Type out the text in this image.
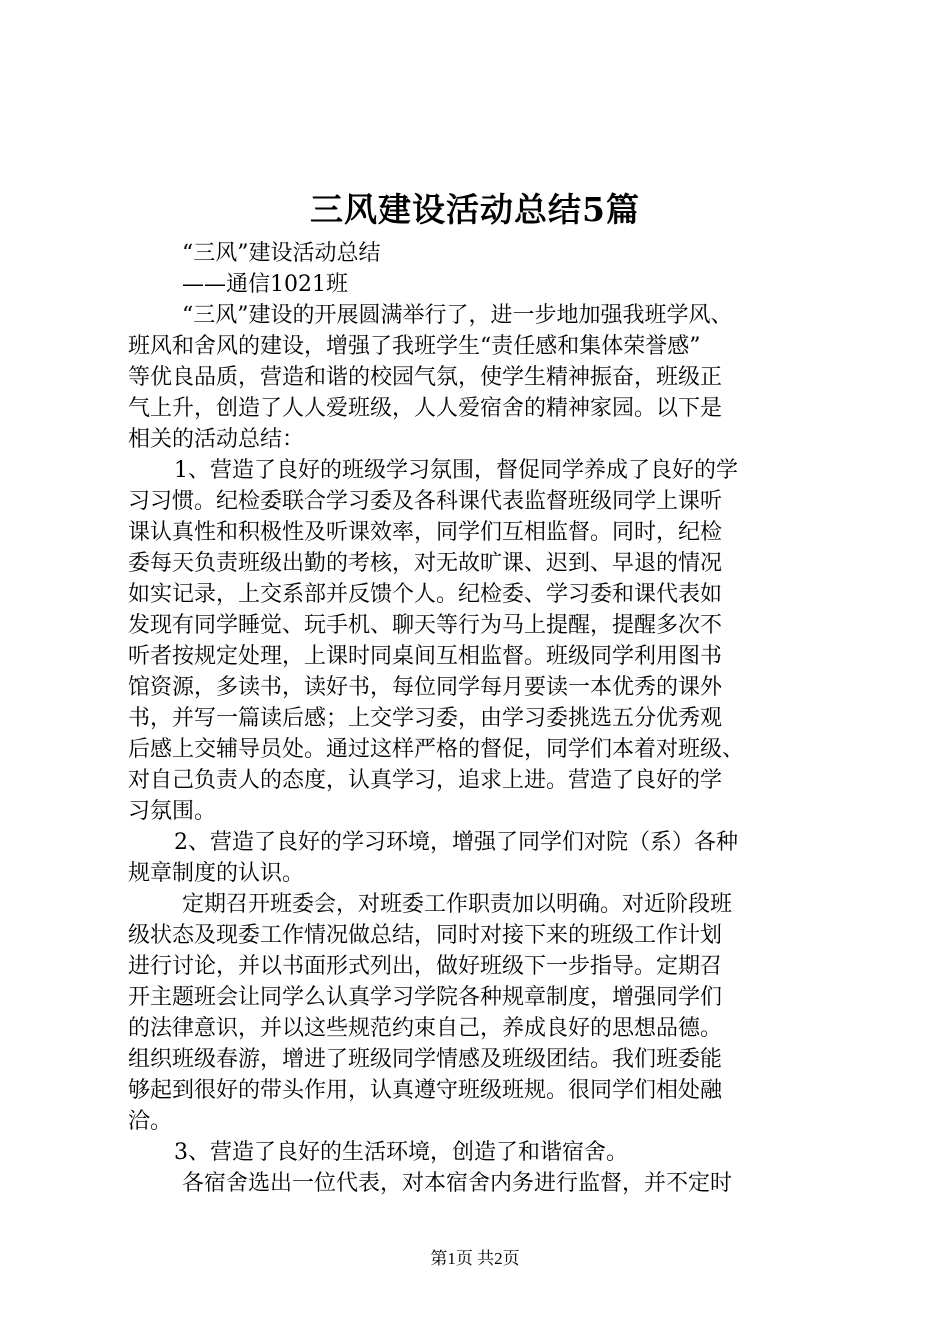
三风建设活动总结5篇
“三风”建设活动总结
——通信1021班
“三风”建设的开展圆满举行了，进一步地加强我班学风、
班风和舍风的建设，增强了我班学生“责任感和集体荣誉感”
等优良品质，营造和谐的校园气氛，使学生精神振奋，班级正
气上升，创造了人人爱班级，人人爱宿舍的精神家园。以下是
相关的活动总结：
1、营造了良好的班级学习氛围，督促同学养成了良好的学
习习惯。纪检委联合学习委及各科课代表监督班级同学上课听
课认真性和积极性及听课效率，同学们互相监督。同时，纪检
委每天负责班级出勤的考核，对无故旷课、迟到、早退的情况
如实记录，上交系部并反馈个人。纪检委、学习委和课代表如
发现有同学睡觉、玩手机、聊天等行为马上提醒，提醒多次不
听者按规定处理，上课时同桌间互相监督。班级同学利用图书
馆资源，多读书，读好书，每位同学每月要读一本优秀的课外
书，并写一篇读后感；上交学习委，由学习委挑选五分优秀观
后感上交辅导员处。通过这样严格的督促，同学们本着对班级、
对自己负责人的态度，认真学习，追求上进。营造了良好的学
习氛围。
2、营造了良好的学习环境，增强了同学们对院（系）各种
规章制度的认识。
定期召开班委会，对班委工作职责加以明确。对近阶段班
级状态及现委工作情况做总结，同时对接下来的班级工作计划
进行讨论，并以书面形式列出，做好班级下一步指导。定期召
开主题班会让同学么认真学习学院各种规章制度，增强同学们
的法律意识，并以这些规范约束自己，养成良好的思想品德。
组织班级春游，增进了班级同学情感及班级团结。我们班委能
够起到很好的带头作用，认真遵守班级班规。很同学们相处融
洽。
3、营造了良好的生活环境，创造了和谐宿舍。
各宿舍选出一位代表，对本宿舍内务进行监督，并不定时
第1页 共2页
